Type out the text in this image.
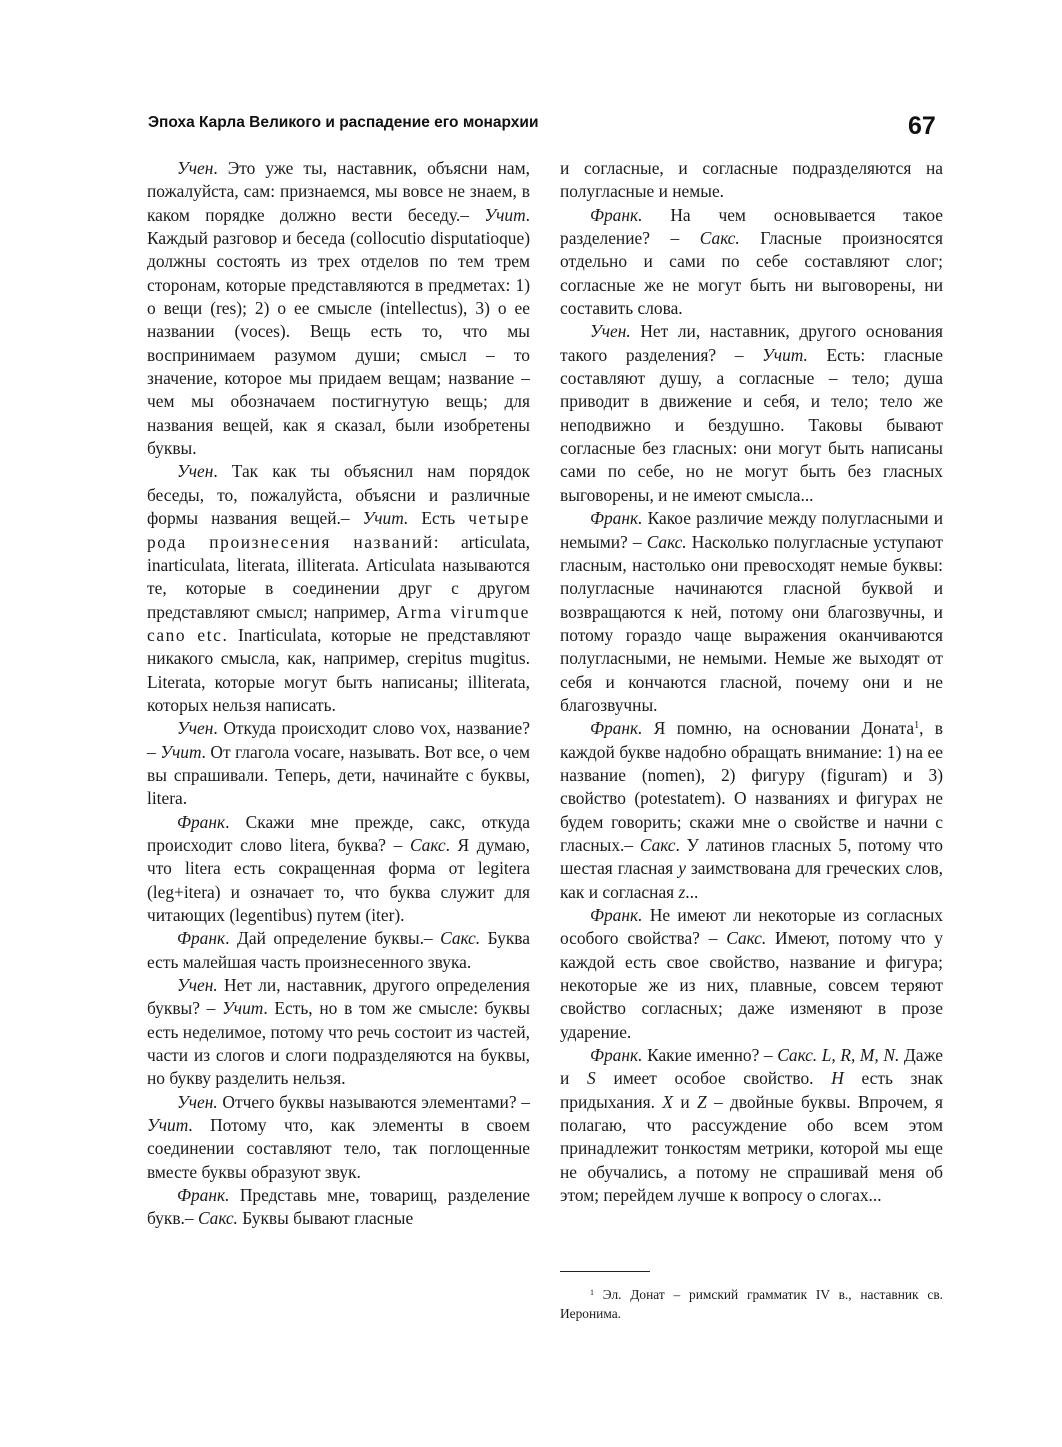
Эпоха Карла Великого и распадение его монархии	67

Учен. Это уже ты, наставник, объясни нам, пожалуйста, сам: признаемся, мы вовсе не знаем, в каком порядке должно вести беседу.– Учит. Каждый разговор и беседа (collocutio disputatioque) должны состоять из трех отделов по тем трем сторонам, которые представляются в предметах: 1) о вещи (res); 2) о ее смысле (intellectus), 3) о ее названии (voces). Вещь есть то, что мы воспринимаем разумом души; смысл – то значение, которое мы придаем вещам; название – чем мы обозначаем постигнутую вещь; для названия вещей, как я сказал, были изобретены буквы.

Учен. Так как ты объяснил нам порядок беседы, то, пожалуйста, объясни и различные формы названия вещей.– Учит. Есть четыре рода произнесения названий: articulata, inarticulata, literata, illiterata. Articulata называются те, которые в соединении друг с другом представляют смысл; например, Arma virumque cano etc. Inarticulata, которые не представляют никакого смысла, как, например, crepitus mugitus. Literata, которые могут быть написаны; illiterata, которых нельзя написать.

Учен. Откуда происходит слово vox, название? – Учит. От глагола vocare, называть. Вот все, о чем вы спрашивали. Теперь, дети, начинайте с буквы, litera.

Франк. Скажи мне прежде, сакс, откуда происходит слово litera, буква? – Сакс. Я думаю, что litera есть сокращенная форма от legitera (leg+itera) и означает то, что буква служит для читающих (legentibus) путем (iter).

Франк. Дай определение буквы.– Сакс. Буква есть малейшая часть произнесенного звука.

Учен. Нет ли, наставник, другого определения буквы? – Учит. Есть, но в том же смысле: буквы есть неделимое, потому что речь состоит из частей, части из слогов и слоги подразделяются на буквы, но букву разделить нельзя.

Учен. Отчего буквы называются элементами? – Учит. Потому что, как элементы в своем соединении составляют тело, так поглощенные вместе буквы образуют звук.

Франк. Представь мне, товарищ, разделение букв.– Сакс. Буквы бывают гласные

и согласные, и согласные подразделяются на полугласные и немые.

Франк. На чем основывается такое разделение? – Сакс. Гласные произносятся отдельно и сами по себе составляют слог; согласные же не могут быть ни выговорены, ни составить слова.

Учен. Нет ли, наставник, другого основания такого разделения? – Учит. Есть: гласные составляют душу, а согласные – тело; душа приводит в движение и себя, и тело; тело же неподвижно и бездушно. Таковы бывают согласные без гласных: они могут быть написаны сами по себе, но не могут быть без гласных выговорены, и не имеют смысла...

Франк. Какое различие между полугласными и немыми? – Сакс. Насколько полугласные уступают гласным, настолько они превосходят немые буквы: полугласные начинаются гласной буквой и возвращаются к ней, потому они благозвучны, и потому гораздо чаще выражения оканчиваются полугласными, не немыми. Немые же выходят от себя и кончаются гласной, почему они и не благозвучны.

Франк. Я помню, на основании Доната$^1$, в каждой букве надобно обращать внимание: 1) на ее название (nomen), 2) фигуру (figuram) и 3) свойство (potestatem). О названиях и фигурах не будем говорить; скажи мне о свойстве и начни с гласных.– Сакс. У латинов гласных 5, потому что шестая гласная y заимствована для греческих слов, как и согласная z...

Франк. Не имеют ли некоторые из согласных особого свойства? – Сакс. Имеют, потому что у каждой есть свое свойство, название и фигура; некоторые же из них, плавные, совсем теряют свойство согласных; даже изменяют в прозе ударение.

Франк. Какие именно? – Сакс. L, R, M, N. Даже и S имеет особое свойство. H есть знак придыхания. X и Z – двойные буквы. Впрочем, я полагаю, что рассуждение обо всем этом принадлежит тонкостям метрики, которой мы еще не обучались, а потому не спрашивай меня об этом; перейдем лучше к вопросу о слогах...

$^1$ Эл. Донат – римский грамматик IV в., наставник св. Иеронима.
